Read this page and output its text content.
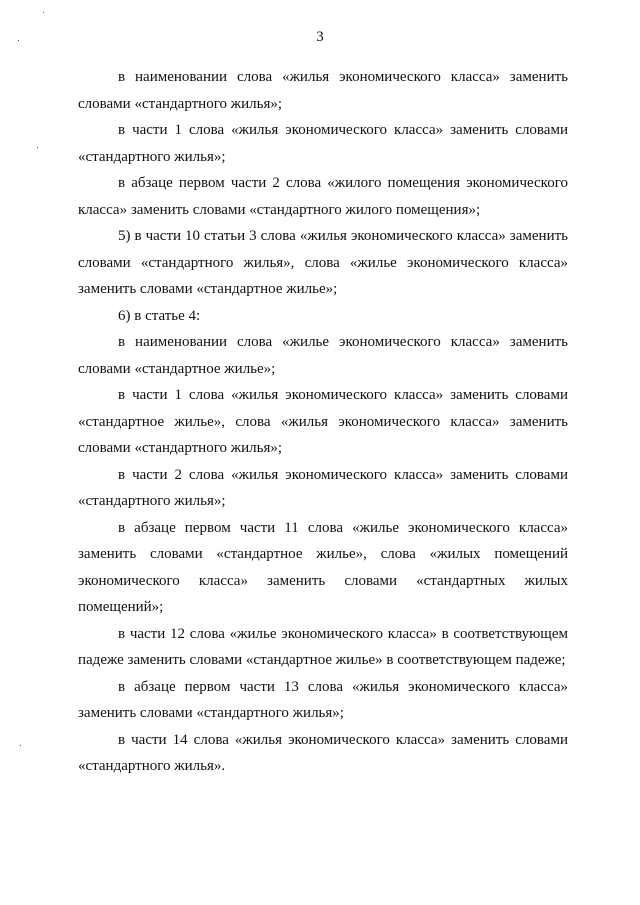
3

в наименовании слова «жилья экономического класса» заменить словами «стандартного жилья»;

в части 1 слова «жилья экономического класса» заменить словами «стандартного жилья»;

в абзаце первом части 2 слова «жилого помещения экономического класса» заменить словами «стандартного жилого помещения»;

5) в части 10 статьи 3 слова «жилья экономического класса» заменить словами «стандартного жилья», слова «жилье экономического класса» заменить словами «стандартное жилье»;

6) в статье 4:

в наименовании слова «жилье экономического класса» заменить словами «стандартное жилье»;

в части 1 слова «жилья экономического класса» заменить словами «стандартное жилье», слова «жилья экономического класса» заменить словами «стандартного жилья»;

в части 2 слова «жилья экономического класса» заменить словами «стандартного жилья»;

в абзаце первом части 11 слова «жилье экономического класса» заменить словами «стандартное жилье», слова «жилых помещений экономического класса» заменить словами «стандартных жилых помещений»;

в части 12 слова «жилье экономического класса» в соответствующем падеже заменить словами «стандартное жилье» в соответствующем падеже;

в абзаце первом части 13 слова «жилья экономического класса» заменить словами «стандартного жилья»;

в части 14 слова «жилья экономического класса» заменить словами «стандартного жилья».
